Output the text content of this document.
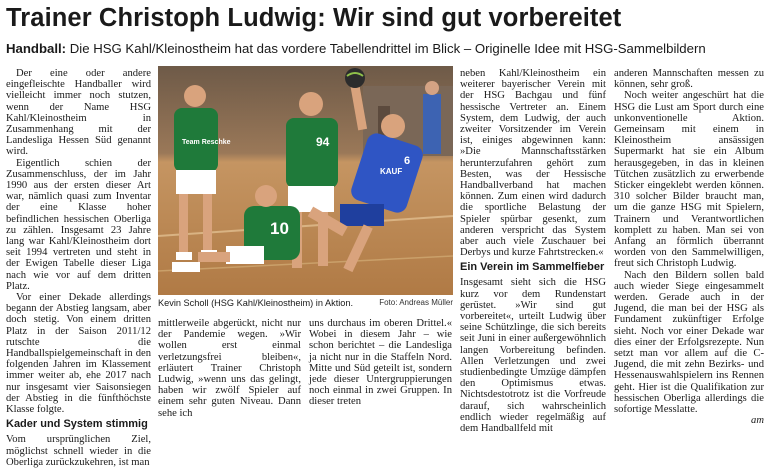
Trainer Christoph Ludwig: Wir sind gut vorbereitet
Handball: Die HSG Kahl/Kleinostheim hat das vordere Tabellendrittel im Blick – Originelle Idee mit HSG-Sammelbildern

Der eine oder andere eingefleischte Handballer wird vielleicht immer noch stutzen, wenn der Name HSG Kahl/Kleinostheim in Zusammenhang mit der Landesliga Hessen Süd genannt wird.

Eigentlich schien der Zusammenschluss, der im Jahr 1990 aus der ersten dieser Art war, nämlich quasi zum Inventar der eine Klasse hoher befindlichen hessischen Oberliga zu zählen. Insgesamt 23 Jahre lang war Kahl/Kleinostheim dort seit 1994 vertreten und steht in der Ewigen Tabelle dieser Liga nach wie vor auf dem dritten Platz.

Vor einer Dekade allerdings begann der Abstieg langsam, aber doch stetig. Von einem dritten Platz in der Saison 2011/12 rutschte die Handballspielgemeinschaft in den folgenden Jahren im Klassement immer weiter ab, ehe 2017 nach nur insgesamt vier Saisonsiegen der Abstieg in die fünfthöchste Klasse folgte.

Kader und System stimmig

Vom ursprünglichen Ziel, möglichst schnell wieder in die Oberliga zurückzukehren, ist man

Team Reschke	94
10
KAUF
6
Kevin Scholl (HSG Kahl/Kleinostheim) in Aktion.	Foto: Andreas Müller

mittlerweile abgerückt, nicht nur der Pandemie wegen. »Wir wollen erst einmal verletzungsfrei bleiben«, erläutert Trainer Christoph Ludwig, »wenn uns das gelingt, haben wir zwölf Spieler auf einem sehr guten Niveau. Dann sehe ich

uns durchaus im oberen Drittel.« Wobei in diesem Jahr – wie schon berichtet – die Landesliga ja nicht nur in die Staffeln Nord. Mitte und Süd geteilt ist, sondern jede dieser Untergruppierungen noch einmal in zwei Gruppen. In dieser treten

neben Kahl/Kleinostheim ein weiterer bayerischer Verein mit der HSG Bachgau und fünf hessische Vertreter an. Einem System, dem Ludwig, der auch zweiter Vorsitzender im Verein ist, einiges abgewinnen kann: »Die Mannschaftsstärken herunterzufahren gehört zum Besten, was der Hessische Handballverband hat machen können. Zum einen wird dadurch die sportliche Belastung der Spieler spürbar gesenkt, zum anderen verspricht das System aber auch viele Zuschauer bei Derbys und kurze Fahrtstrecken.«

Ein Verein im Sammelfieber

Insgesamt sieht sich die HSG kurz vor dem Rundenstart gerüstet. »Wir sind gut vorbereitet«, urteilt Ludwig über seine Schützlinge, die sich bereits seit Juni in einer außergewöhnlich langen Vorbereitung befinden. Allen Verletzungen und zwei studienbedingte Umzüge dämpfen den Optimismus etwas. Nichtsdestotrotz ist die Vorfreude darauf, sich wahrscheinlich endlich wieder regelmäßig auf dem Handballfeld mit

anderen Mannschaften messen zu können, sehr groß.

Noch weiter angeschürt hat die HSG die Lust am Sport durch eine unkonventionelle Aktion. Gemeinsam mit einem in Kleinostheim ansässigen Supermarkt hat sie ein Album herausgegeben, in das in kleinen Tütchen zusätzlich zu erwerbende Sticker eingeklebt werden können. 310 solcher Bilder braucht man, um die ganze HSG mit Spielern, Trainern und Verantwortlichen komplett zu haben. Man sei von Anfang an förmlich überrannt worden von den Sammelwilligen, freut sich Christoph Ludwig.

Nach den Bildern sollen bald auch wieder Siege eingesammelt werden. Gerade auch in der Jugend, die man bei der HSG als Fundament zukünftiger Erfolge sieht. Noch vor einer Dekade war dies einer der Erfolgsrezepte. Nun setzt man vor allem auf die C-Jugend, die mit zehn Bezirks- und Hessenauswahlspielern ins Rennen geht. Hier ist die Qualifikation zur hessischen Oberliga allerdings die sofortige Messlatte.

am
